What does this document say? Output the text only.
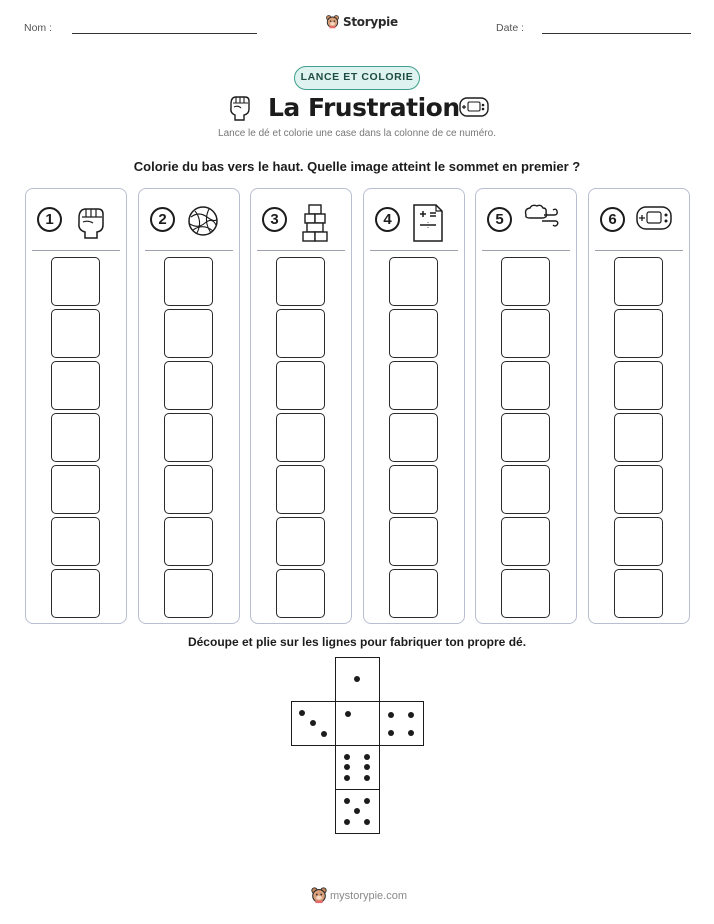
Nom :	Date :
Storypie
LANCE ET COLORIE
La Frustration
Lance le dé et colorie une case dans la colonne de ce numéro.
Colorie du bas vers le haut. Quelle image atteint le sommet en premier ?
1	2	3	4	5	6
Découpe et plie sur les lignes pour fabriquer ton propre dé.
mystorypie.com
